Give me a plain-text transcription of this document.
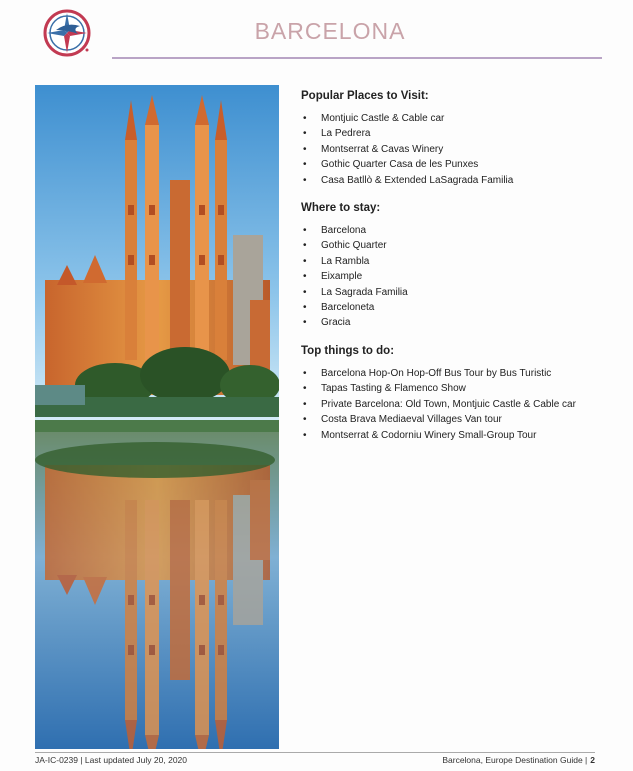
BARCELONA
Popular Places to Visit:
• Montjuic Castle & Cable car
• La Pedrera
• Montserrat & Cavas Winery
• Gothic Quarter Casa de les Punxes
• Casa Batllò & Extended LaSagrada Familia
Where to stay:
• Barcelona
• Gothic Quarter
• La Rambla
• Eixample
• La Sagrada Familia
• Barceloneta
• Gracia
Top things to do:
• Barcelona Hop-On Hop-Off Bus Tour by Bus Turistic
• Tapas Tasting & Flamenco Show
• Private Barcelona: Old Town, Montjuic Castle & Cable car
• Costa Brava Mediaeval Villages Van tour
• Montserrat & Codorniu Winery Small-Group Tour
JA-IC-0239 | Last updated July 20, 2020	Barcelona, Europe Destination Guide | 2
